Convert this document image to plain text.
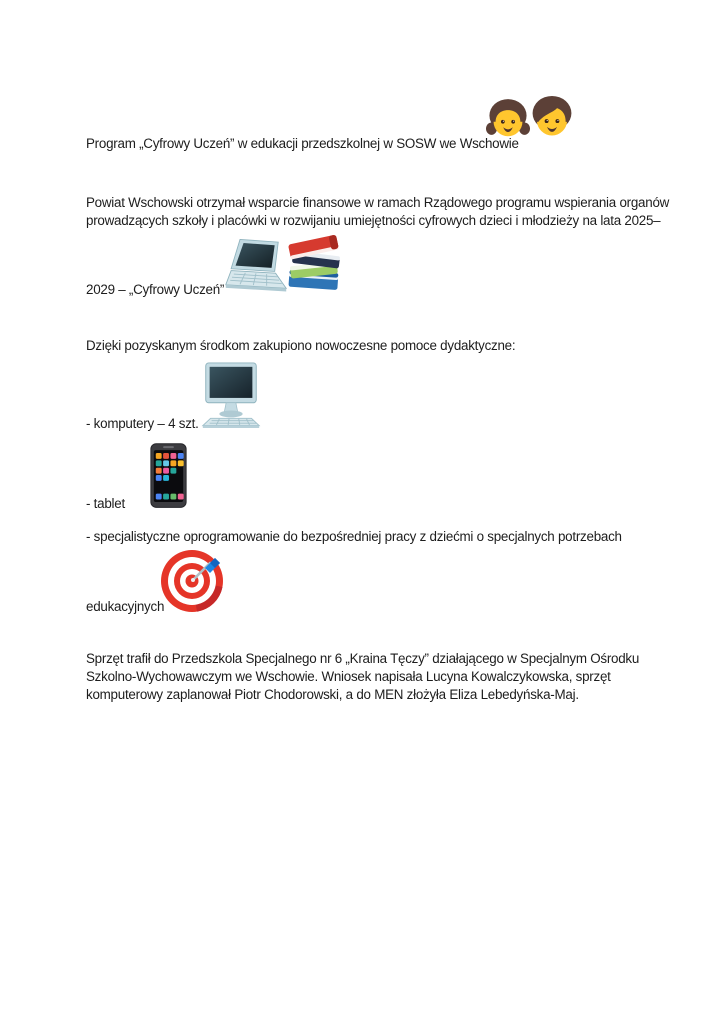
Program „Cyfrowy Uczeń” w edukacji przedszkolnej w SOSW we Wschowie
Powiat Wschowski otrzymał wsparcie finansowe w ramach Rządowego programu wspierania organów
prowadzących szkoły i placówki w rozwijaniu umiejętności cyfrowych dzieci i młodzieży na lata 2025–
2029 – „Cyfrowy Uczeń”
Dzięki pozyskanym środkom zakupiono nowoczesne pomoce dydaktyczne:
- komputery – 4 szt.
- tablet
- specjalistyczne oprogramowanie do bezpośredniej pracy z dziećmi o specjalnych potrzebach
edukacyjnych
Sprzęt trafił do Przedszkola Specjalnego nr 6 „Kraina Tęczy” działającego w Specjalnym Ośrodku
Szkolno-Wychowawczym we Wschowie. Wniosek napisała Lucyna Kowalczykowska, sprzęt
komputerowy zaplanował Piotr Chodorowski, a do MEN złożyła Eliza Lebedyńska-Maj.
